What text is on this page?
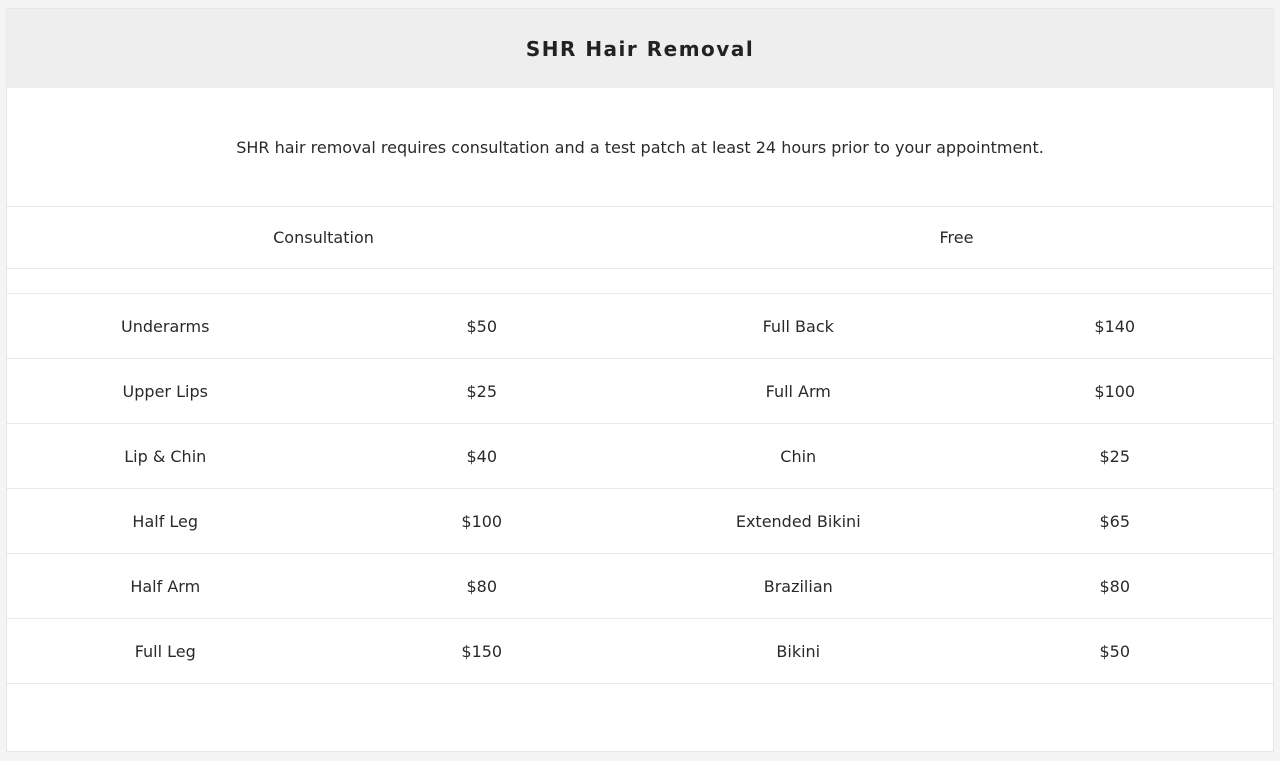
SHR Hair Removal
SHR hair removal requires consultation and a test patch at least 24 hours prior to your appointment.
Consultation	Free
Underarms	$50	Full Back	$140
Upper Lips	$25	Full Arm	$100
Lip & Chin	$40	Chin	$25
Half Leg	$100	Extended Bikini	$65
Half Arm	$80	Brazilian	$80
Full Leg	$150	Bikini	$50
